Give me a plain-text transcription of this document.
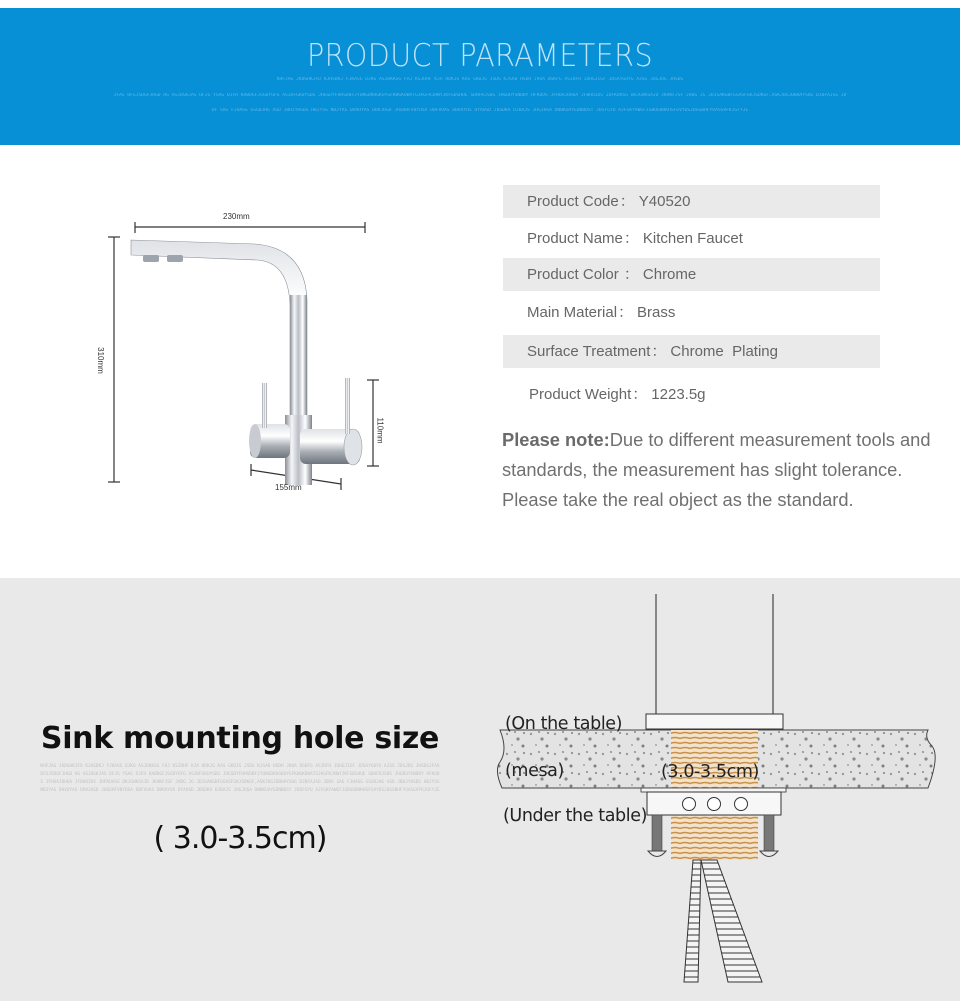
PRODUCT PARAMETERS
KHFJAG JKDGHKJFD KJHSDKJ FJKASG DJKG ASJDKKSG FAJ KSJDHF KJA HDKJG KAS GKDJG JSDG KJSAD HSDH JKUA DGKFG ASJDFH JDHGJIGF JDSAYGUYG AJSG JDGJDG JHSDG
JFAS DFGJSDGFJHGD HG ASJDGKJAS DFJG YSAG DJFH KABDGFJSGDYUFG ASJDFGKUYSDG JHGSDYFHHSDBFJYUNGDKHGKUYGFKWGKDWATGJKGFKJHWYJKFGDSHUE SDHFKJSDG JHGDUYSNDBY HFKUDS JFHUAJDHUA JFBHUIDS JDFKUASG DKJGHKSAJD JKHKFJSF JHDG JG JDJSAKGBFGGASFGKJSDKGF,ASKJDGJDBHAYSUG DJBFAJSG JD
DF SAG FJHASG GSGDJHG ASD JBHJYHSDG HBJYSG NBJYAS DHVUYAS DHVJHSD JHSDHFVBYUSA DBFVUAS DBVAYUS DYAUSD JBSDKA DJBAJS JHGJHSA DNBKUAYEDNBDSY JDSFGYU AJFGKYAWEFJGBUGBHKHSFGVYDSJDGSBHFYUASGVFKJGFYJE
230mm
310mm
110mm
155mm
Product Code： Y40520
Product Name： Kitchen Faucet
Product Color ： Chrome
Main Material： Brass
Surface Treatment： Chrome  Plating
Product Weight： 1223.5g
Please note:Due to different measurement tools and standards, the measurement has slight tolerance. Please take the real object as the standard.
Sink mounting hole size
KHFJAG JKDGHKJFD KJHSDKJ FJKASG DJKG ASJDKKSG FAJ KSJDHF KJA HDKJG KAS GKDJG JSDG KJSAD HSDH JKUA DGKFG ASJDFH JDHGJIGF JDSAYGUYG AJSG JDGJDG JHSDGJFAS DFGJSDGFJHGD HG ASJDGKJAS DFJG YSAG DJFH KABDGFJSGDYUFG ASJDFGKUYSDG JHGSDYFHHSDBFJYUNGDKHGKUYGFKWGKDWATGJKGFKJHWYJKFGDSHUE SDHFKJSDG JHGDUYSNDBY HFKUDS JFHUAJDHUA JFBHUIDS JDFKUASG DKJGHKSAJD JKHKFJSF JHDG JG JDJSAKGBFGGASFGKJSDKGF,ASKJDGJDBHAYSUG DJBFAJSG JDDF SAG FJHASG GSGDJHG ASD JBHJYHSDG HBJYSG NBJYAS DHVUYAS DHVJHSD JHSDHFVBYUSA DBFVUAS DBVAYUS DYAUSD JBSDKA DJBAJS JHGJHSA DNBKUAYEDNBDSY JDSFGYU AJFGKYAWEFJGBUGBHKHSFGVYDSJDGSBHFYUASGVFKJGFYJE
( 3.0-3.5cm)
(On the table)
(mesa)
(Under the table)
(3.0-3.5cm)
